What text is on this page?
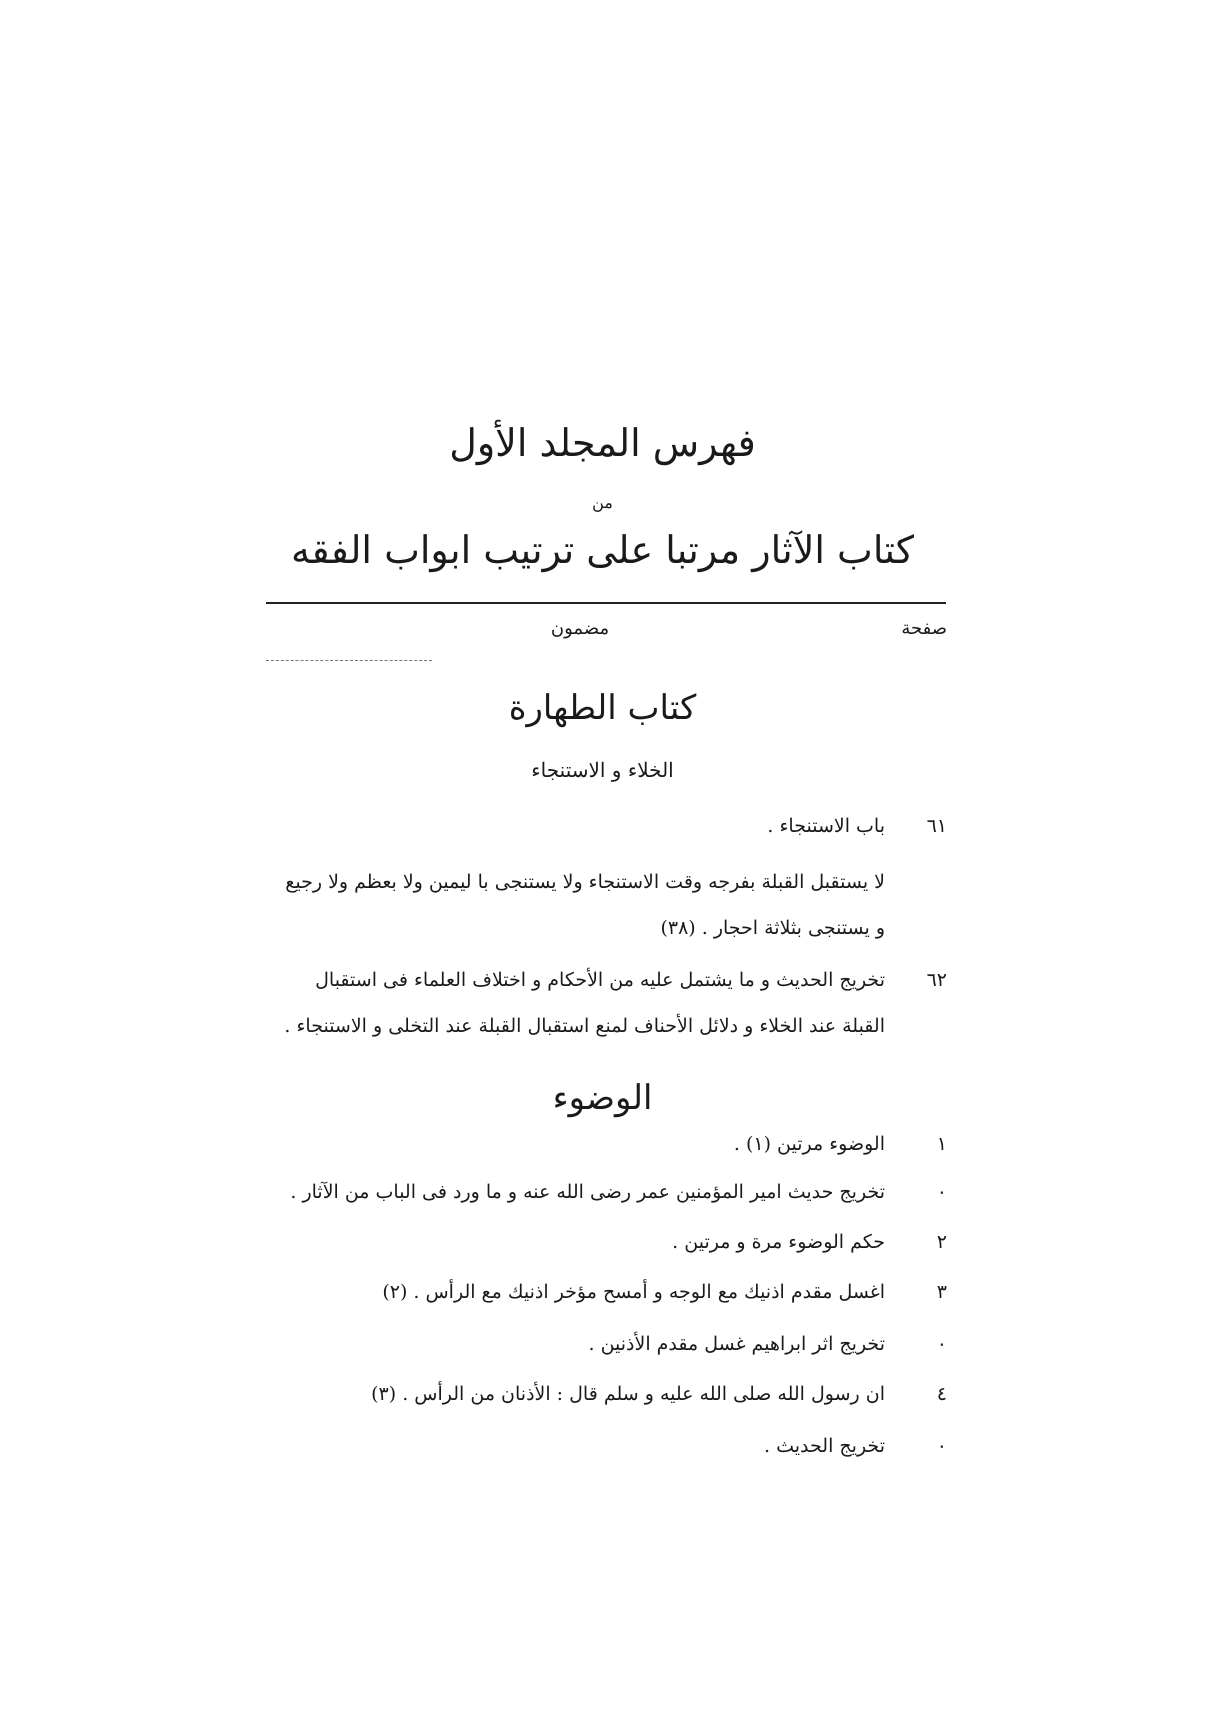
فهرس المجلد الأول
من
كتاب الآثار مرتبا على ترتيب ابواب الفقه
صفحة
مضمون
كتاب الطهارة
الخلاء و الاستنجاء
٦١
باب الاستنجاء .
لا يستقبل القبلة بفرجه وقت الاستنجاء ولا يستنجى با ليمين ولا بعظم ولا رجيع
و يستنجى بثلاثة احجار . (٣٨)
٦٢
تخريج الحديث و ما يشتمل عليه من الأحكام و اختلاف العلماء فى استقبال
القبلة عند الخلاء و دلائل الأحناف لمنع استقبال القبلة عند التخلى و الاستنجاء .
الوضوء
١
الوضوء مرتين (١) .
٠
تخريج حديث امير المؤمنين عمر رضى الله عنه و ما ورد فى الباب من الآثار .
٢
حكم الوضوء مرة و مرتين .
٣
اغسل مقدم اذنيك مع الوجه و أمسح مؤخر اذنيك مع الرأس . (٢)
٠
تخريج اثر ابراهيم غسل مقدم الأذنين .
٤
ان رسول الله صلى الله عليه و سلم قال : الأذنان من الرأس . (٣)
٠
تخريج الحديث .
